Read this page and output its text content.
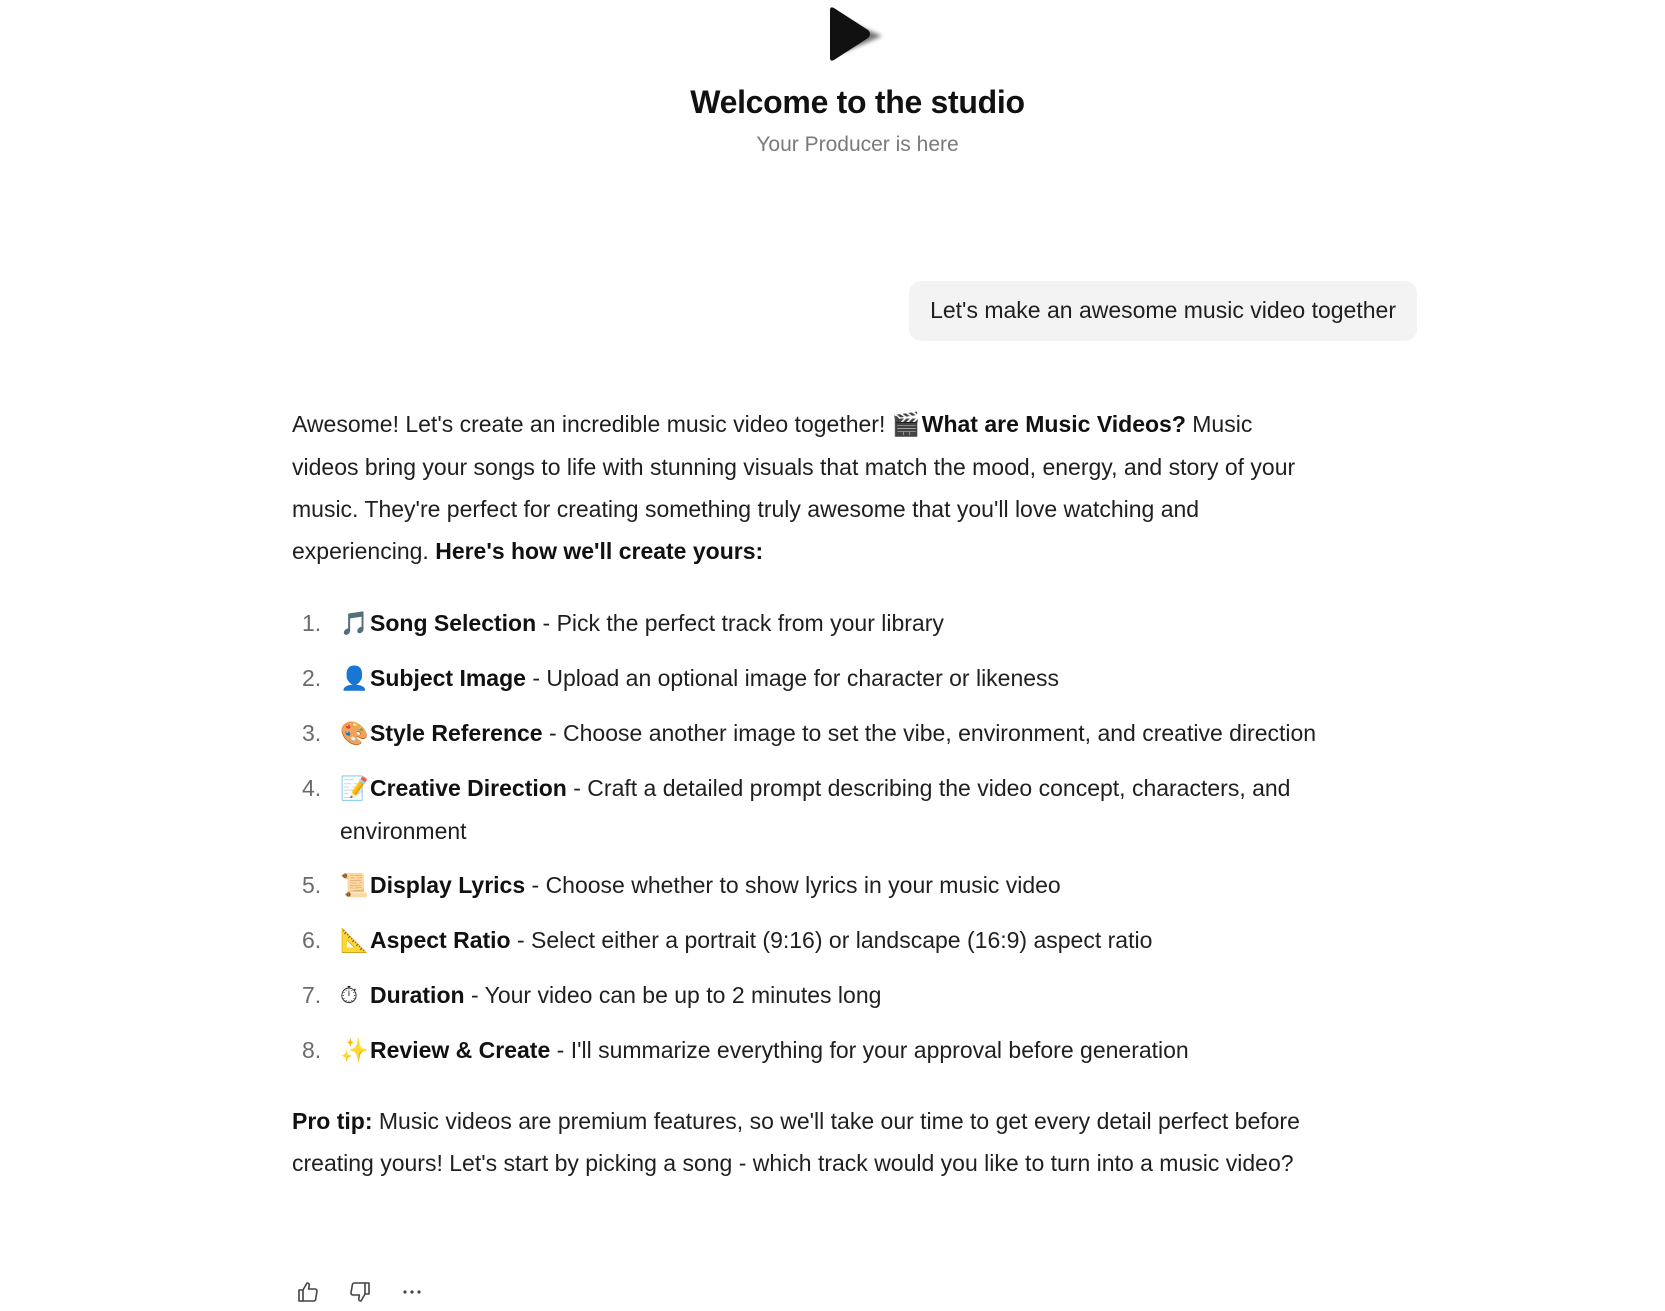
Welcome to the studio
Your Producer is here
Let's make an awesome music video together

Awesome! Let's create an incredible music video together! 🎬What are Music Videos? Music videos bring your songs to life with stunning visuals that match the mood, energy, and story of your music. They're perfect for creating something truly awesome that you'll love watching and experiencing. Here's how we'll create yours:

1. 🎵Song Selection - Pick the perfect track from your library
2. 👤Subject Image - Upload an optional image for character or likeness
3. 🎨Style Reference - Choose another image to set the vibe, environment, and creative direction
4. 📝Creative Direction - Craft a detailed prompt describing the video concept, characters, and environment
5. 📜Display Lyrics - Choose whether to show lyrics in your music video
6. 📐Aspect Ratio - Select either a portrait (9:16) or landscape (16:9) aspect ratio
7. ⏱ Duration - Your video can be up to 2 minutes long
8. ✨Review & Create - I'll summarize everything for your approval before generation

Pro tip: Music videos are premium features, so we'll take our time to get every detail perfect before creating yours! Let's start by picking a song - which track would you like to turn into a music video?
